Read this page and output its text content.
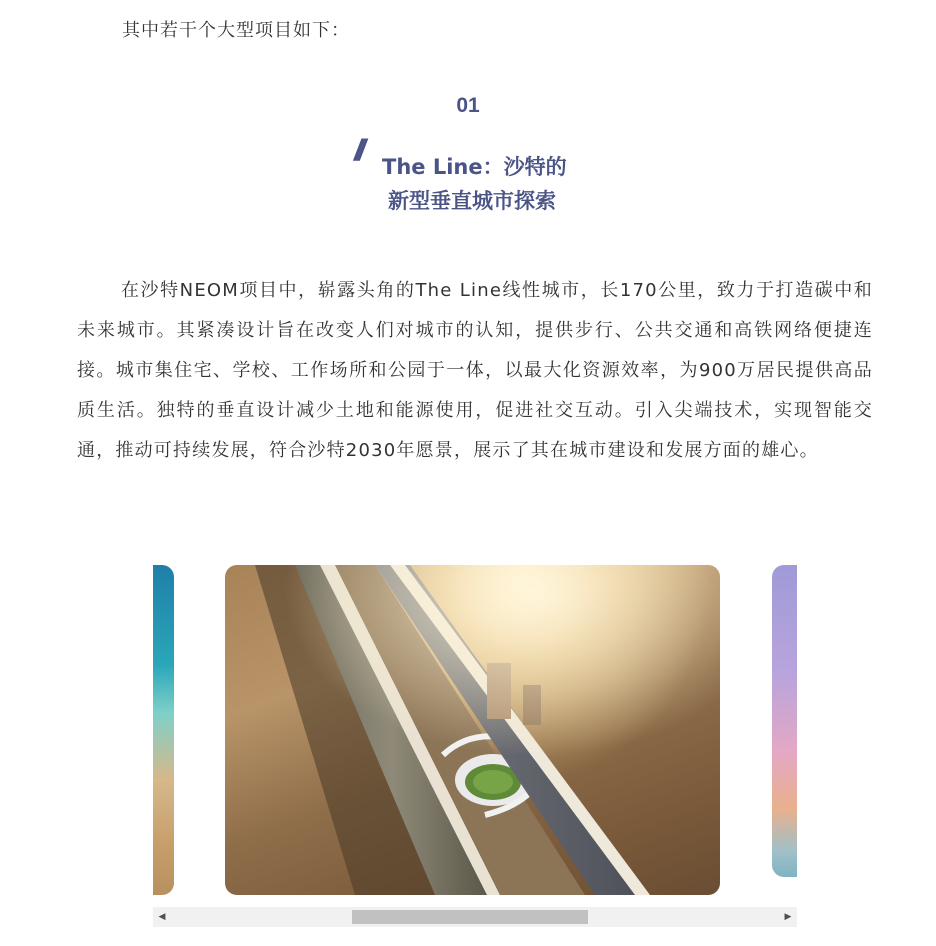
其中若干个大型项目如下：
01
// The Line：沙特的
新型垂直城市探索

在沙特NEOM项目中，崭露头角的The Line线性城市，长170公里，致力于打造碳中和未来城市。其紧凑设计旨在改变人们对城市的认知，提供步行、公共交通和高铁网络便捷连接。城市集住宅、学校、工作场所和公园于一体，以最大化资源效率，为900万居民提供高品质生活。独特的垂直设计减少土地和能源使用，促进社交互动。引入尖端技术，实现智能交通，推动可持续发展，符合沙特2030年愿景，展示了其在城市建设和发展方面的雄心。

◀	▶
